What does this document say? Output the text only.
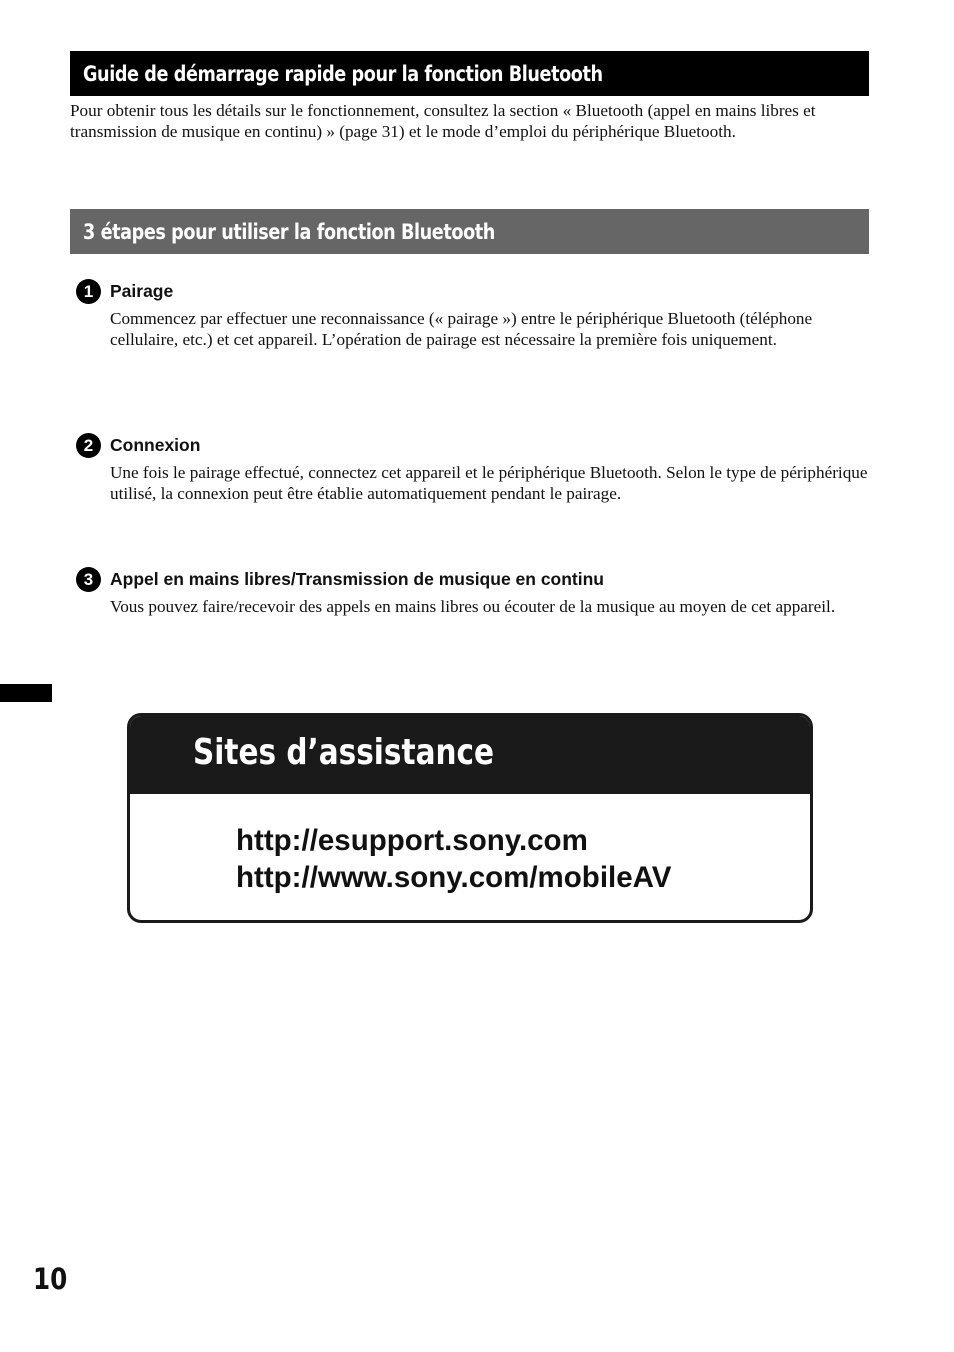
Guide de démarrage rapide pour la fonction Bluetooth
Pour obtenir tous les détails sur le fonctionnement, consultez la section « Bluetooth (appel en mains libres et transmission de musique en continu) » (page 31) et le mode d’emploi du périphérique Bluetooth.
3 étapes pour utiliser la fonction Bluetooth
1 Pairage
Commencez par effectuer une reconnaissance (« pairage ») entre le périphérique Bluetooth (téléphone cellulaire, etc.) et cet appareil. L’opération de pairage est nécessaire la première fois uniquement.
2 Connexion
Une fois le pairage effectué, connectez cet appareil et le périphérique Bluetooth. Selon le type de périphérique utilisé, la connexion peut être établie automatiquement pendant le pairage.
3 Appel en mains libres/Transmission de musique en continu
Vous pouvez faire/recevoir des appels en mains libres ou écouter de la musique au moyen de cet appareil.
Sites d’assistance
http://esupport.sony.com
http://www.sony.com/mobileAV
10
